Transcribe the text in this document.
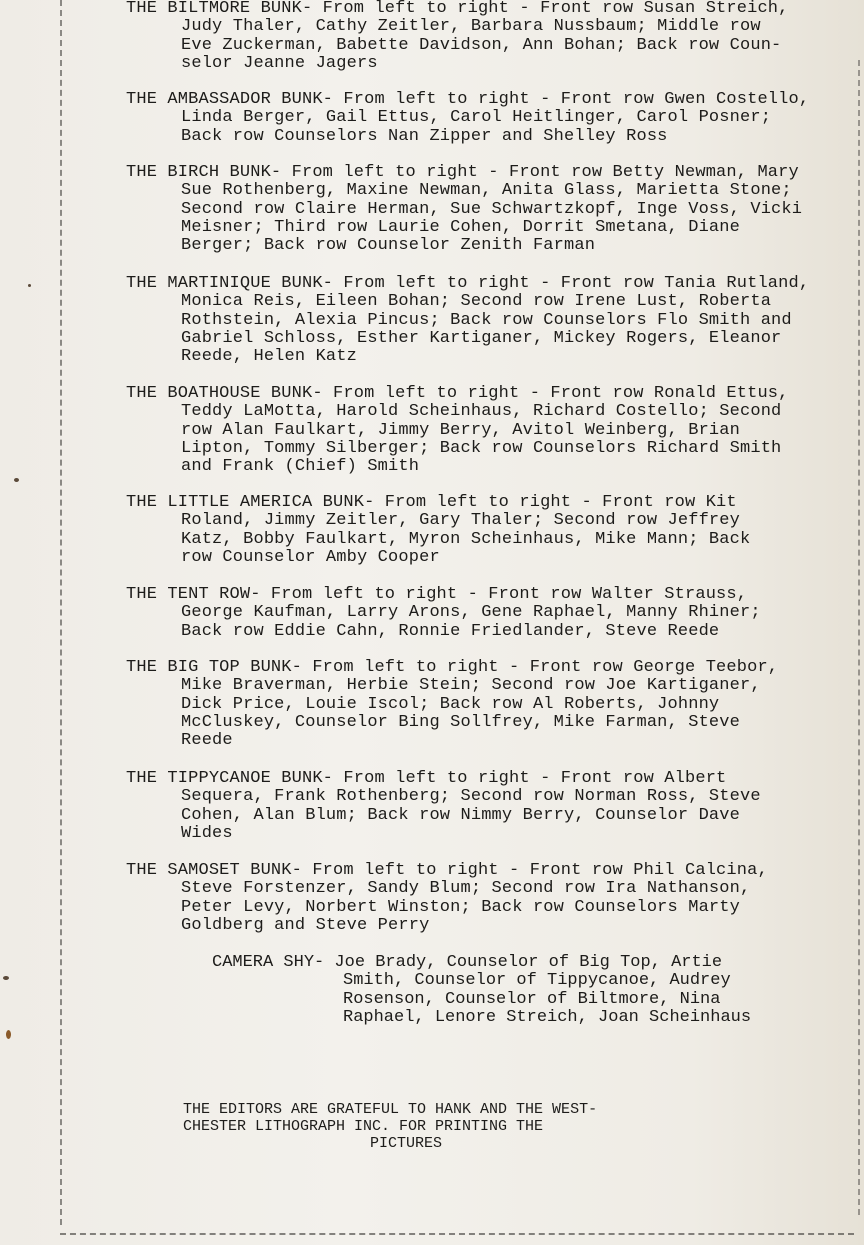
THE BILTMORE BUNK- From left to right - Front row Susan Streich,
Judy Thaler, Cathy Zeitler, Barbara Nussbaum; Middle row
Eve Zuckerman, Babette Davidson, Ann Bohan; Back row Coun-
selor Jeanne Jagers
THE AMBASSADOR BUNK- From left to right - Front row Gwen Costello,
Linda Berger, Gail Ettus, Carol Heitlinger, Carol Posner;
Back row Counselors Nan Zipper and Shelley Ross
THE BIRCH BUNK- From left to right - Front row Betty Newman, Mary
Sue Rothenberg, Maxine Newman, Anita Glass, Marietta Stone;
Second row Claire Herman, Sue Schwartzkopf, Inge Voss, Vicki
Meisner; Third row Laurie Cohen, Dorrit Smetana, Diane
Berger; Back row Counselor Zenith Farman
THE MARTINIQUE BUNK- From left to right - Front row Tania Rutland,
Monica Reis, Eileen Bohan; Second row Irene Lust, Roberta
Rothstein, Alexia Pincus; Back row Counselors Flo Smith and
Gabriel Schloss, Esther Kartiganer, Mickey Rogers, Eleanor
Reede, Helen Katz
THE BOATHOUSE BUNK- From left to right - Front row Ronald Ettus,
Teddy LaMotta, Harold Scheinhaus, Richard Costello; Second
row Alan Faulkart, Jimmy Berry, Avitol Weinberg, Brian
Lipton, Tommy Silberger; Back row Counselors Richard Smith
and Frank (Chief) Smith
THE LITTLE AMERICA BUNK- From left to right - Front row Kit
Roland, Jimmy Zeitler, Gary Thaler; Second row Jeffrey
Katz, Bobby Faulkart, Myron Scheinhaus, Mike Mann; Back
row Counselor Amby Cooper
THE TENT ROW- From left to right - Front row Walter Strauss,
George Kaufman, Larry Arons, Gene Raphael, Manny Rhiner;
Back row Eddie Cahn, Ronnie Friedlander, Steve Reede
THE BIG TOP BUNK- From left to right - Front row George Teebor,
Mike Braverman, Herbie Stein; Second row Joe Kartiganer,
Dick Price, Louie Iscol; Back row Al Roberts, Johnny
McCluskey, Counselor Bing Sollfrey, Mike Farman, Steve
Reede
THE TIPPYCANOE BUNK- From left to right - Front row Albert
Sequera, Frank Rothenberg; Second row Norman Ross, Steve
Cohen, Alan Blum; Back row Nimmy Berry, Counselor Dave
Wides
THE SAMOSET BUNK- From left to right - Front row Phil Calcina,
Steve Forstenzer, Sandy Blum; Second row Ira Nathanson,
Peter Levy, Norbert Winston; Back row Counselors Marty
Goldberg and Steve Perry
CAMERA SHY- Joe Brady, Counselor of Big Top, Artie
Smith, Counselor of Tippycanoe, Audrey
Rosenson, Counselor of Biltmore, Nina
Raphael, Lenore Streich, Joan Scheinhaus
THE EDITORS ARE GRATEFUL TO HANK AND THE WEST-
CHESTER LITHOGRAPH INC. FOR PRINTING THE
PICTURES
